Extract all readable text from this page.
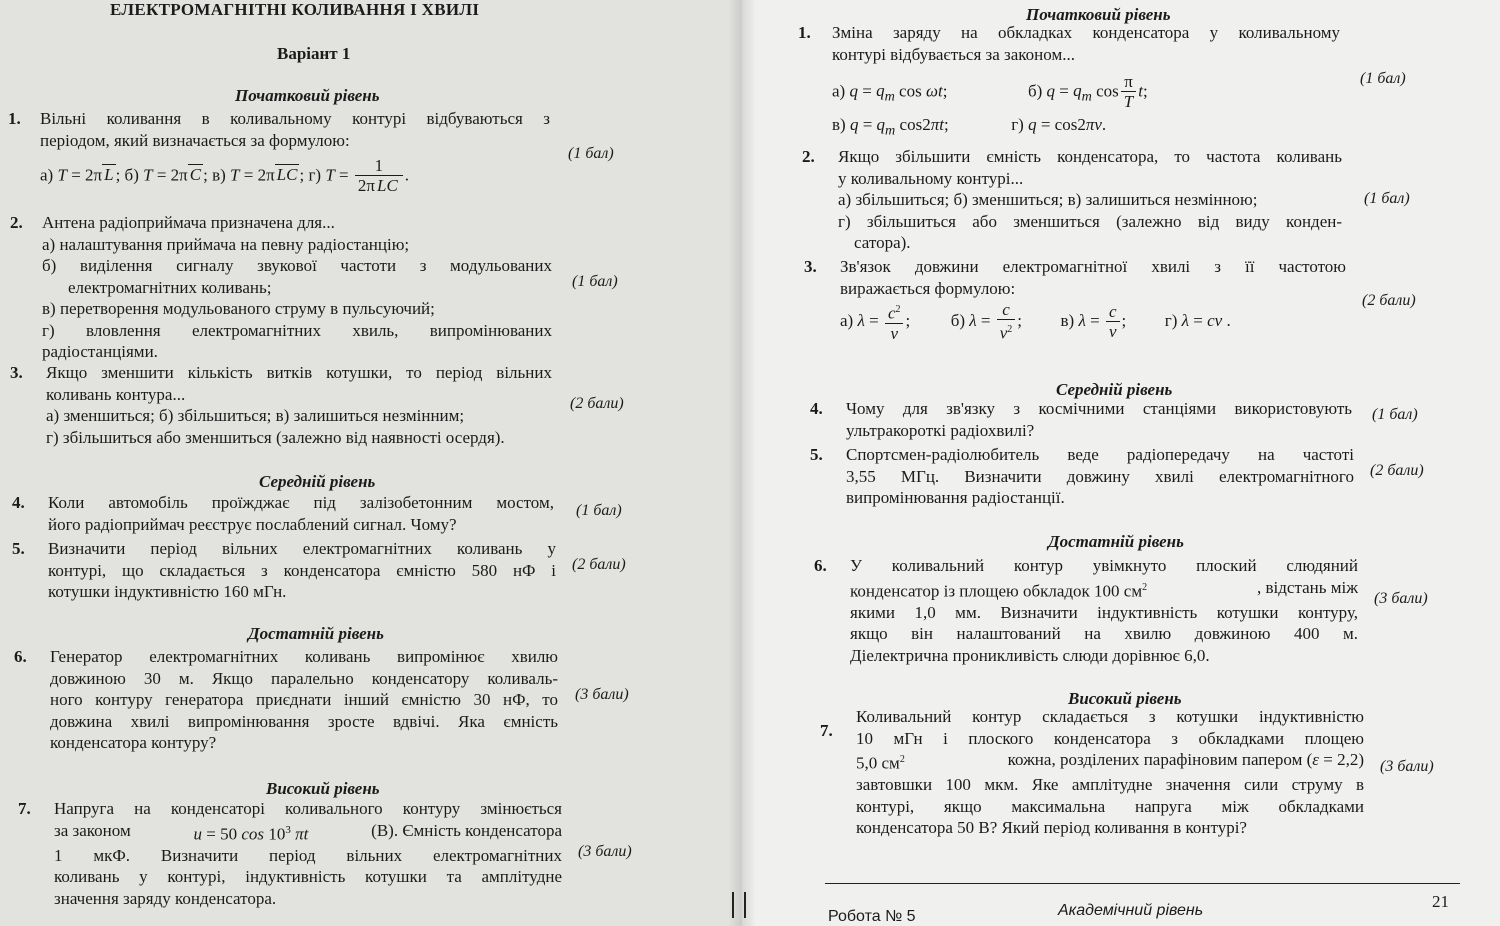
ЕЛЕКТРОМАГНІТНІ КОЛИВАННЯ І ХВИЛІ
Варіант 1
Початковий рівень
1. Вільні коливання в коливальному контурі відбуваються з
періодом, який визначається за формулою:
а) T = 2π L ; б) T = 2π C ; в) T = 2π LC ; г) $T = \frac{1}{\text{2π LC}}$ .
(1 бал)
2. Антена радіоприймача призначена для...
а) налаштування приймача на певну радіостанцію;
б) виділення сигналу звукової частоти з модульованих
електромагнітних коливань;
в) перетворення модульованого струму в пульсуючий;
г) вловлення електромагнітних хвиль, випромінюваних
радіостанціями.
(1 бал)
3. Якщо зменшити кількість витків котушки, то період вільних
коливань контура...
а) зменшиться; б) збільшиться; в) залишиться незмінним;
г) збільшиться або зменшиться (залежно від наявності осердя).
(2 бали)
Середній рівень
4. Коли автомобіль проїжджає під залізобетонним мостом,
його радіоприймач реєструє послаблений сигнал. Чому?
(1 бал)
5. Визначити період вільних електромагнітних коливань у
контурі, що складається з конденсатора ємністю 580 нФ і
котушки індуктивністю 160 мГн.
(2 бали)
Достатній рівень
6. Генератор електромагнітних коливань випромінює хвилю
довжиною 30 м. Якщо паралельно конденсатору коливаль-
ного контуру генератора приєднати інший ємністю 30 нФ, то
довжина хвилі випромінювання зросте вдвічі. Яка ємність
конденсатора контуру?
(3 бали)
Високий рівень
7. Напруга на конденсаторі коливального контуру змінюється
за законом	u = 50 $\cos 10^3$ πt	(В). Ємність конденсатора
1 мкФ. Визначити період вільних електромагнітних
коливань у контурі, індуктивність котушки та амплітудне
значення заряду конденсатора.
(3 бали)
Початковий рівень
1. Зміна заряду на обкладках конденсатора у коливальному
контурі відбувається за законом...
а) $q = q_m$ cos ωt;	б) $q = q_m$ $\cos \frac{\pi}{T} t$;
в) $q = q_m$ cos2πt;	г) q = cos2πν.
(1 бал)
2. Якщо збільшити ємність конденсатора, то частота коливань
у коливальному контурі...
а) збільшиться; б) зменшиться; в) залишиться незмінною;
г) збільшиться або зменшиться (залежно від виду конден-
сатора).
(1 бал)
3. Зв'язок довжини електромагнітної хвилі з її частотою
виражається формулою:
а) $\lambda = \frac{c^2}{\nu}$ ;  б) $\lambda = \frac{c}{\nu^2}$ ;  в) $\lambda = \frac{c}{\nu}$ ;  г) λ = cν .
(2 бали)
Середній рівень
4. Чому для зв'язку з космічними станціями використовують
ультракороткі радіохвилі?
(1 бал)
5. Спортсмен-радіолюбитель веде радіопередачу на частоті
3,55 МГц. Визначити довжину хвилі електромагнітного
випромінювання радіостанції.
(2 бали)
Достатній рівень
6. У коливальний контур увімкнуто плоский слюдяний
конденсатор із площею обкладок 100 $см^2$	, відстань між
якими 1,0 мм. Визначити індуктивність котушки контуру,
якщо він налаштований на хвилю довжиною 400 м.
Діелектрична проникливість слюди дорівнює 6,0.
(3 бали)
Високий рівень
7.
Коливальний контур складається з котушки індуктивністю
10 мГн і плоского конденсатора з обкладками площею
5,0 $см^2$	кожна, розділених парафіновим папером (ε = 2,2)
завтовшки 100 мкм. Яке амплітудне значення сили струму в
контурі, якщо максимальна напруга між обкладками
конденсатора 50 В? Який період коливання в контурі?
(3 бали)
Робота № 5	Академічний рівень	21
